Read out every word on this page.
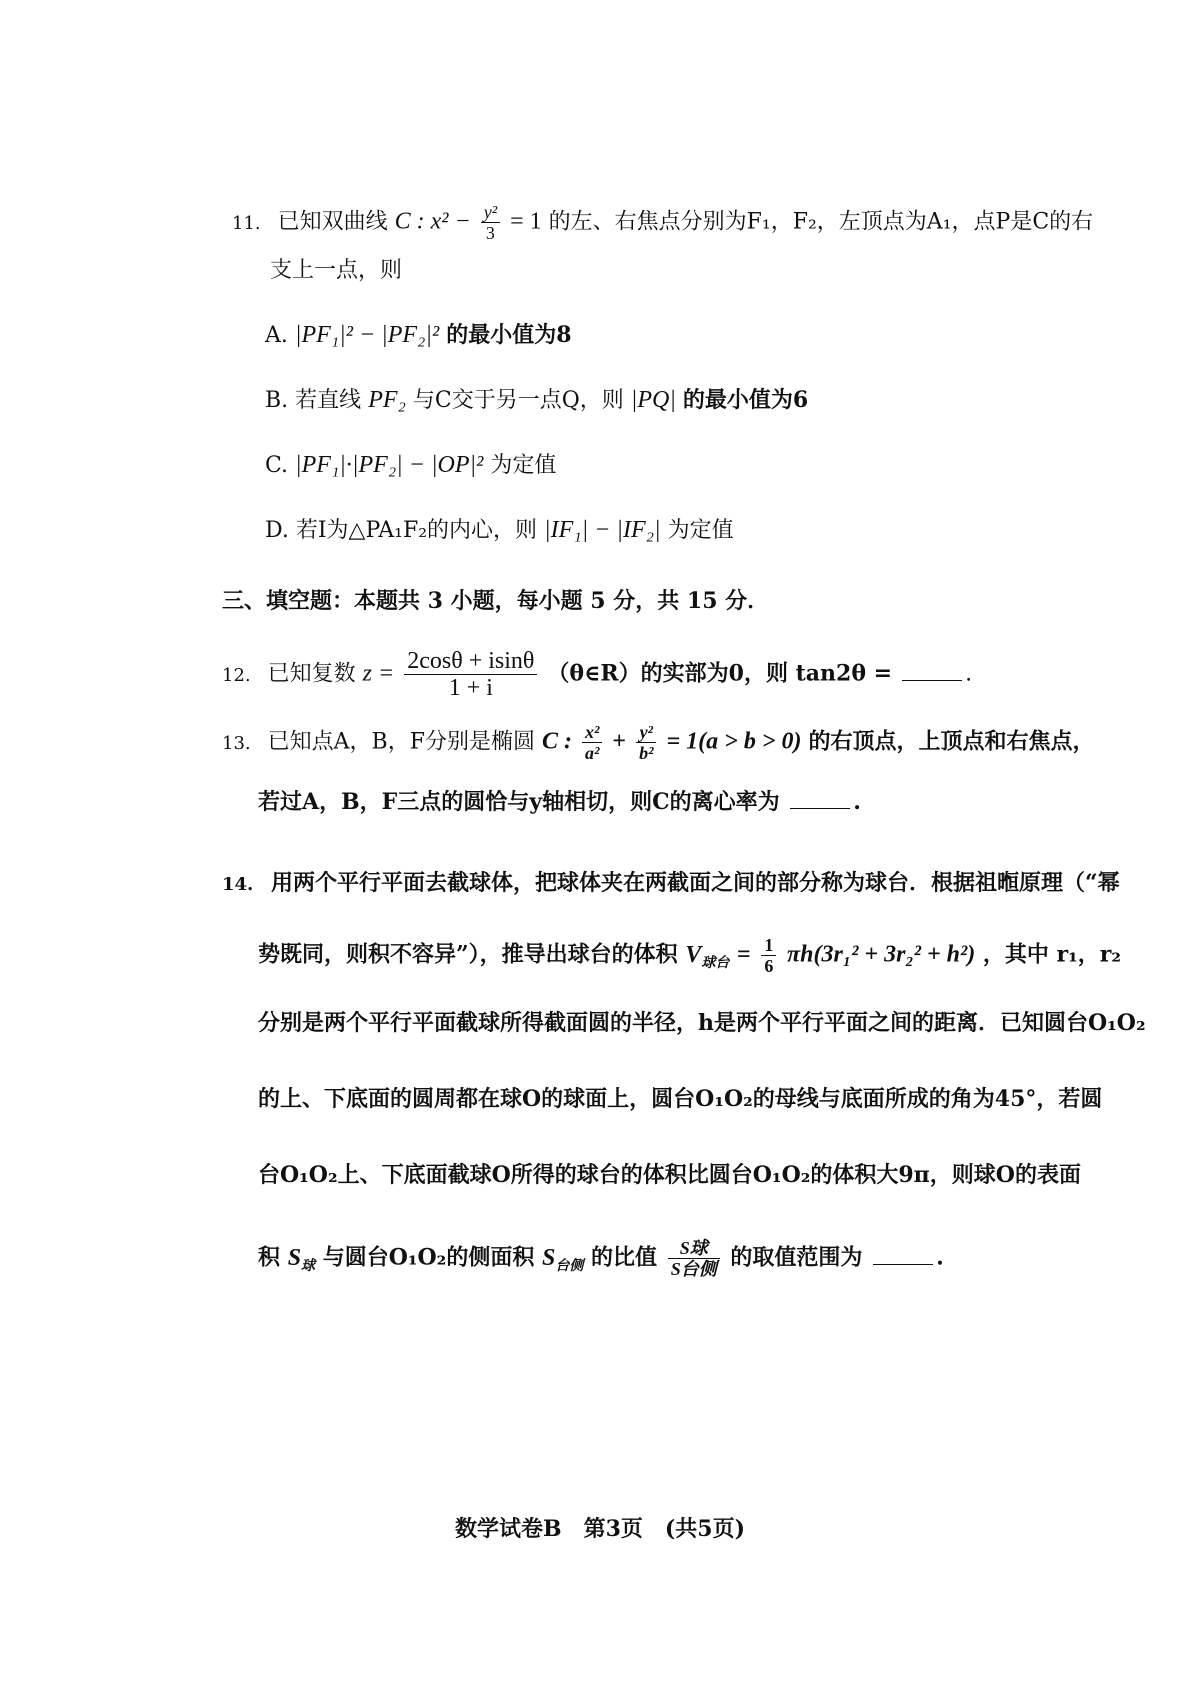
11. 已知双曲线 C : $x^2 - \frac{\text{y²}}{3} = 1$ 的左、右焦点分别为F₁，F₂，左顶点为A₁，点P是C的右
支上一点，则
A. |PF₁|² − |PF₂|² 的最小值为8
B. 若直线 PF₂ 与C交于另一点Q，则 |PQ| 的最小值为6
C. |PF₁|·|PF₂| − |OP|² 为定值
D. 若I为△PA₁F₂的内心，则 |IF₁| − |IF₂| 为定值
三、填空题：本题共 3 小题，每小题 5 分，共 15 分．
12. 已知复数 $z = \frac{2\cos\theta + isin\theta}{1 + i}$ （θ∈R）的实部为0，则 tan2θ =	.
13. 已知点A，B，F分别是椭圆 C : $\frac{\text{x²}}{\text{a²}} + \frac{\text{y²}}{\text{b²}} = 1(a > b > 0)$ 的右顶点，上顶点和右焦点，
若过A，B，F三点的圆恰与y轴相切，则C的离心率为	.
14. 用两个平行平面去截球体，把球体夹在两截面之间的部分称为球台．根据祖暅原理（“幂
势既同，则积不容异”），推导出球台的体积 $V_{球台} = \frac{1}{6} \pi h(3r_1^2 + 3r_2^2 + h^2)$ ，其中 r₁，r₂
分别是两个平行平面截球所得截面圆的半径，h是两个平行平面之间的距离．已知圆台O₁O₂
的上、下底面的圆周都在球O的球面上，圆台O₁O₂的母线与底面所成的角为45°，若圆
台O₁O₂上、下底面截球O所得的球台的体积比圆台O₁O₂的体积大9π，则球O的表面
积 $S_球$ 与圆台O₁O₂的侧面积 $S_{台侧}$ 的比值 $\frac{\text{S球}}{\text{S台侧}}$ 的取值范围为	.
数学试卷B　第3页　(共5页)
